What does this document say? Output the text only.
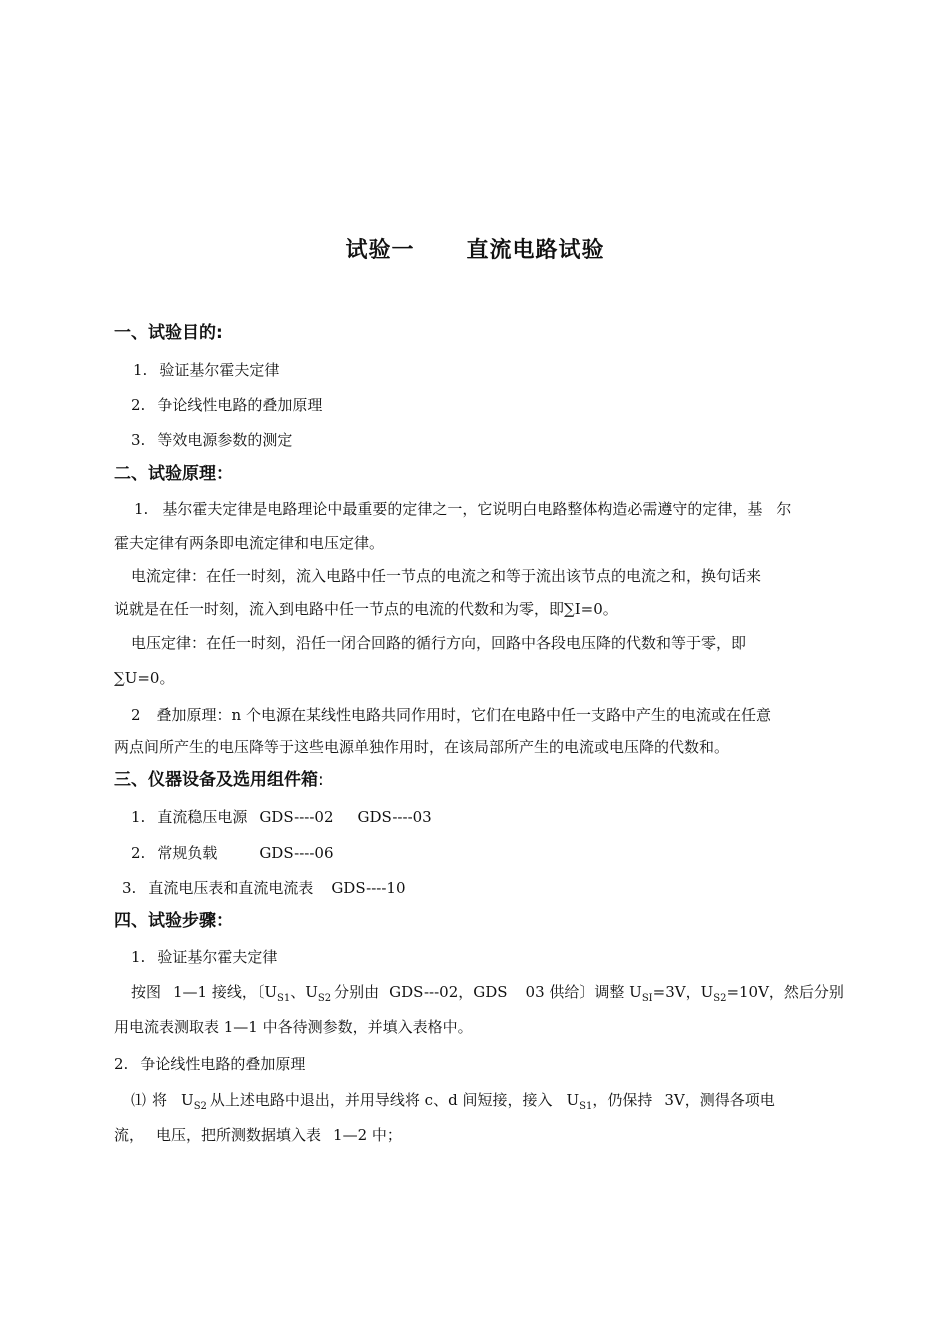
试验一 直流电路试验
一、试验目的:
1. 验证基尔霍夫定律
2. 争论线性电路的叠加原理
3. 等效电源参数的测定
二、试验原理：
1. 基尔霍夫定律是电路理论中最重要的定律之一，它说明白电路整体构造必需遵守的定律，基 尔
霍夫定律有两条即电流定律和电压定律。
电流定律：在任一时刻，流入电路中任一节点的电流之和等于流出该节点的电流之和，换句话来
说就是在任一时刻，流入到电路中任一节点的电流的代数和为零，即∑I=0。
电压定律：在任一时刻，沿任一闭合回路的循行方向，回路中各段电压降的代数和等于零，即
∑U=0。
2 叠加原理：n 个电源在某线性电路共同作用时，它们在电路中任一支路中产生的电流或在任意
两点间所产生的电压降等于这些电源单独作用时，在该局部所产生的电流或电压降的代数和。
三、仪器设备及选用组件箱:
1. 直流稳压电源 GDS----02 GDS----03
2. 常规负载	GDS----06
3. 直流电压表和直流电流表 GDS----10
四、试验步骤：
1. 验证基尔霍夫定律
按图 1—1 接线，〔$U_{S1}$、$U_{S2}$ 分别由 GDS---02，GDS 03 供给〕调整 $U_{SI}=3V$，$U_{S2}=10V$，然后分别
用电流表测取表 1—1 中各待测参数，并填入表格中。
2. 争论线性电路的叠加原理
⑴ 将 $U_{S2}$ 从上述电路中退出，并用导线将 c、d 间短接，接入 $U_{S1}$，仍保持 3V，测得各项电
流， 电压，把所测数据填入表 1—2 中；
